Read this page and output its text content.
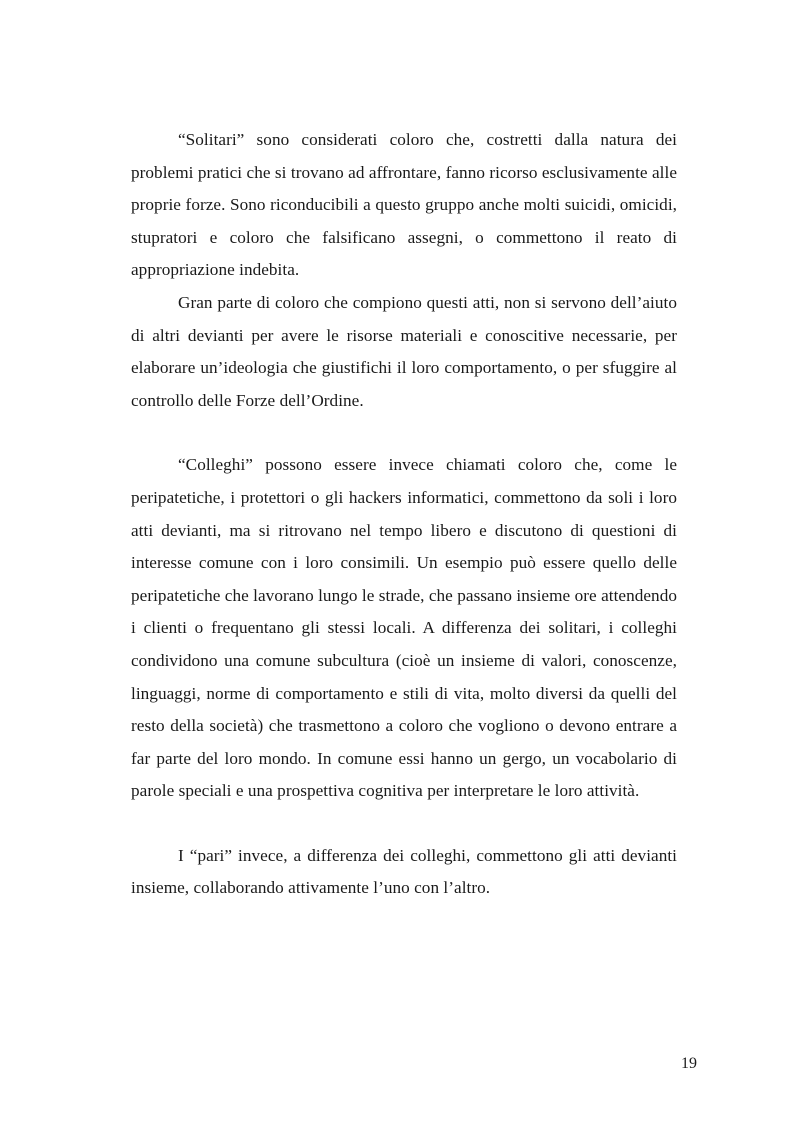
“Solitari” sono considerati coloro che, costretti dalla natura dei problemi pratici che si trovano ad affrontare, fanno ricorso esclusivamente alle proprie forze. Sono riconducibili a questo gruppo anche molti suicidi, omicidi, stupratori e coloro che falsificano assegni, o commettono il reato di appropriazione indebita.

Gran parte di coloro che compiono questi atti, non si servono dell’aiuto di altri devianti per avere le risorse materiali e conoscitive necessarie, per elaborare un’ideologia che giustifichi il loro comportamento, o per sfuggire al controllo delle Forze dell’Ordine.

“Colleghi” possono essere invece chiamati coloro che, come le peripatetiche, i protettori o gli hackers informatici, commettono da soli i loro atti devianti, ma si ritrovano nel tempo libero e discutono di questioni di interesse comune con i loro consimili. Un esempio può essere quello delle peripatetiche che lavorano lungo le strade, che passano insieme ore attendendo i clienti o frequentano gli stessi locali. A differenza dei solitari, i colleghi condividono una comune subcultura (cioè un insieme di valori, conoscenze, linguaggi, norme di comportamento e stili di vita, molto diversi da quelli del resto della società) che trasmettono a coloro che vogliono o devono entrare a far parte del loro mondo. In comune essi hanno un gergo, un vocabolario di parole speciali e una prospettiva cognitiva per interpretare le loro attività.

I “pari” invece, a differenza dei colleghi, commettono gli atti devianti insieme, collaborando attivamente l’uno con l’altro.

19
